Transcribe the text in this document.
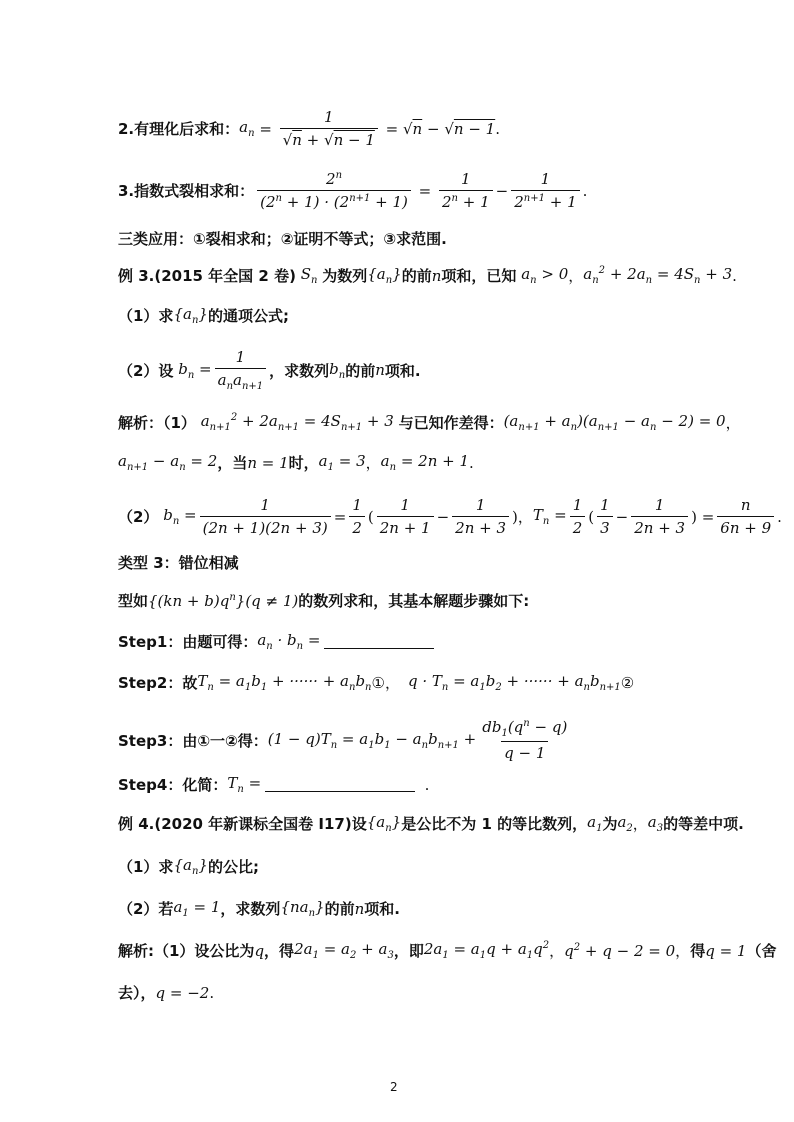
2.有理化后求和： $a_n = \frac{1}{√n + √n - 1} = √n - √n - 1$.
3.指数式裂相求和： $\frac{2^n}{(2^n + 1) \cdot (2^{n+1} + 1)} = \frac{1}{2^n + 1} - \frac{1}{2^{n+1} + 1}$ .
三类应用：①裂相求和；②证明不等式；③求范围.
例 3.(2015 年全国 2 卷) $S_n$ 为数列 $\{a_n\}$ 的前 n 项和，已知 $a_n > 0$ ， $a_n^2 + 2a_n = 4S_n + 3$ .
（1）求 $\{a_n\}$ 的通项公式;
（2）设 $b_n = \frac{1}{a_na_{n+1}}$ ，求数列 $b_n$ 的前 n 项和.
解析：（1） $a_{n+1}^2 + 2a_{n+1} = 4S_{n+1} + 3$ 与已知作差得： $(a_{n+1} + a_n)(a_{n+1} - a_n - 2) = 0$ ，
$a_{n+1} - a_n = 2$ ，当 n = 1 时， $a_1 = 3$ ， $a_n = 2n + 1$ .
（2） $b_n = \frac{1}{(2n + 1)(2n + 3)} = \frac{1}{2}$ ( $\frac{1}{2n + 1} - \frac{1}{2n + 3}$ )， $T_n = \frac{1}{2}$ ( $\frac{1}{3} - \frac{1}{2n + 3}$ ) = $\frac{n}{6n + 9}$ .
类型 3：错位相减
型如 $\{(kn + b)q^n\}(q \ne 1)$ 的数列求和，其基本解题步骤如下:
Step1：由题可得： $a_n \cdot b_n$ =
Step2：故 $T_n = a_1b_1$ + ······ + $a_nb_n$ ①， $q \cdot T_n = a_1b_2$ + ······ + $a_nb_{n+1}$ ②
Step3：由①一②得： $(1 - q)T_n = a_1b_1 - a_nb_{n+1} + \frac{db_1(q^n - q)}{q - 1}$
Step4：化简： $T_n$ =	.
例 4.(2020 年新课标全国卷 I17)设 $\{a_n\}$ 是公比不为 1 的等比数列， $a_1$ 为 $a_2$ ， $a_3$ 的等差中项.
（1）求 $\{a_n\}$ 的公比;
（2）若 $a_1 = 1$ ，求数列 $\{na_n\}$ 的前 n 项和.
解析:（1）设公比为 q ，得 $2a_1 = a_2 + a_3$ ，即 $2a_1 = a_1q + a_1q^2$ ， $q^2 + q - 2 = 0$ ， 得 q = 1 （舍
去）， q = −2 .
2
